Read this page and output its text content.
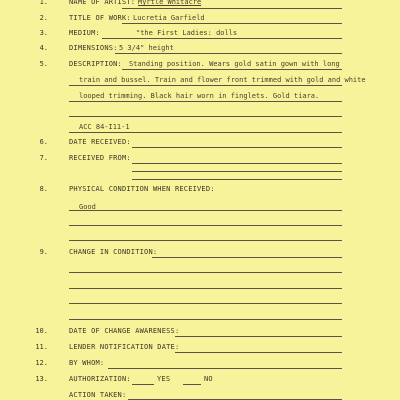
1.	NAME OF ARTIST: Myrtle Whitacre
2.	TITLE OF WORK: Lucretia Garfield
3.	MEDIUM:	"the First Ladies: dolls
4.	DIMENSIONS: 5 3/4" height
5.	DESCRIPTION: Standing position. Wears gold satin gown with long
train and bussel. Train and flower front trimmed with gold and white
looped trimming. Black hair worn in finglets. Gold tiara.
ACC 84-I11-1
6.	DATE RECEIVED:
7.	RECEIVED FROM:
8.	PHYSICAL CONDITION WHEN RECEIVED:
Good
9.	CHANGE IN CONDITION:
10.	DATE OF CHANGE AWARENESS:
11.	LENDER NOTIFICATION DATE:
12.	BY WHOM:
13.	AUTHORIZATION:	YES	NO
ACTION TAKEN:
